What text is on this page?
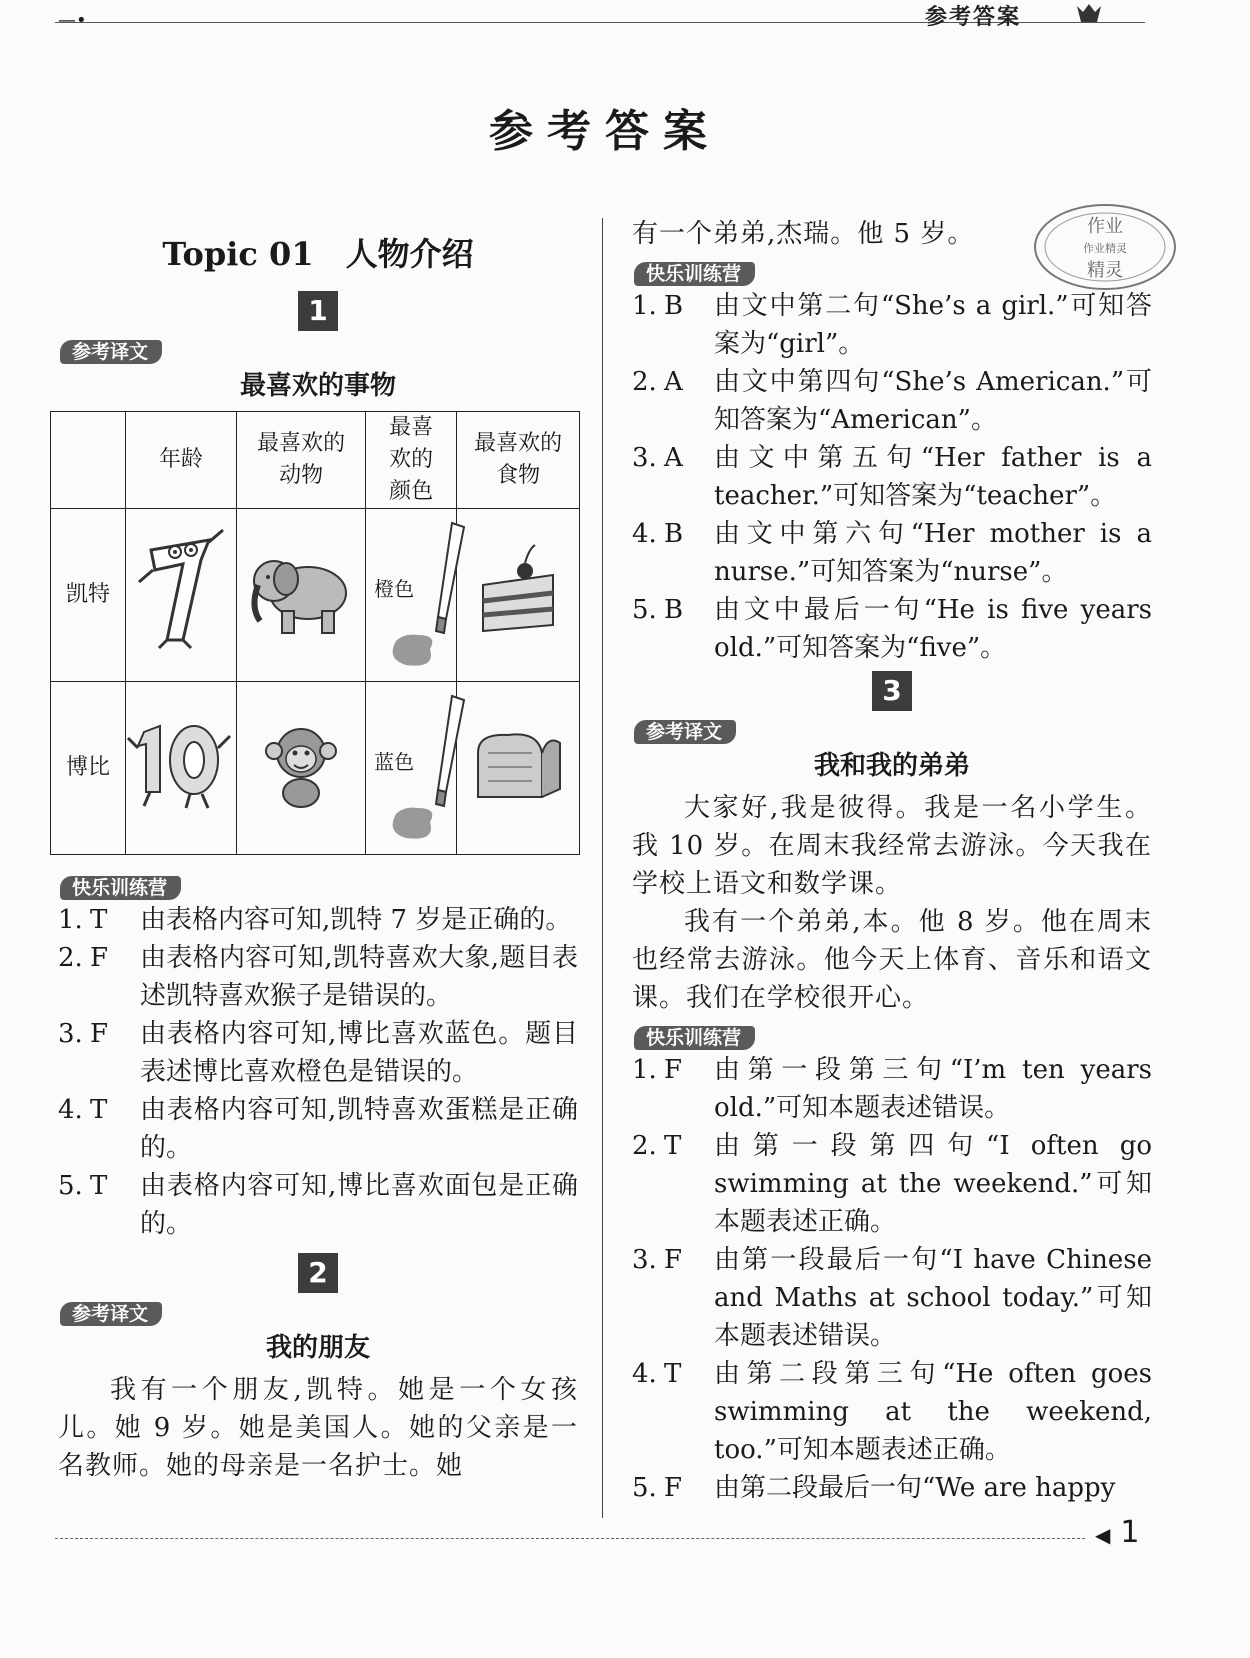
—•	参考答案
参考答案
作业
作业精灵
精灵
Topic 01　人物介绍
1
参考译文
最喜欢的事物
	年龄	最喜欢的动物	最喜欢的颜色	最喜欢的食物
凯特			橙色

博比			蓝色

快乐训练营
1. T	由表格内容可知,凯特 7 岁是正确的。
2. F	由表格内容可知,凯特喜欢大象,题目表述凯特喜欢猴子是错误的。
3. F	由表格内容可知,博比喜欢蓝色。题目表述博比喜欢橙色是错误的。
4. T	由表格内容可知,凯特喜欢蛋糕是正确的。
5. T	由表格内容可知,博比喜欢面包是正确的。
2
参考译文
我的朋友

我有一个朋友,凯特。她是一个女孩儿。她 9 岁。她是美国人。她的父亲是一名教师。她的母亲是一名护士。她

有一个弟弟,杰瑞。他 5 岁。

快乐训练营
1. B	由文中第二句“She’s a girl.”可知答案为“girl”。
2. A	由文中第四句“She’s American.”可知答案为“American”。
3. A	由文中第五句“Her father is a teacher.”可知答案为“teacher”。
4. B	由文中第六句“Her mother is a nurse.”可知答案为“nurse”。
5. B	由文中最后一句“He is five years old.”可知答案为“five”。
3
参考译文
我和我的弟弟

大家好,我是彼得。我是一名小学生。我 10 岁。在周末我经常去游泳。今天我在学校上语文和数学课。

我有一个弟弟,本。他 8 岁。他在周末也经常去游泳。他今天上体育、音乐和语文课。我们在学校很开心。

快乐训练营
1. F	由第一段第三句“I’m ten years old.”可知本题表述错误。
2. T	由第一段第四句“I often go swimming at the weekend.”可知本题表述正确。
3. F	由第一段最后一句“I have Chinese and Maths at school today.”可知本题表述错误。
4. T	由第二段第三句“He often goes swimming at the weekend, too.”可知本题表述正确。
5. F	由第二段最后一句“We are happy
◀ 1
